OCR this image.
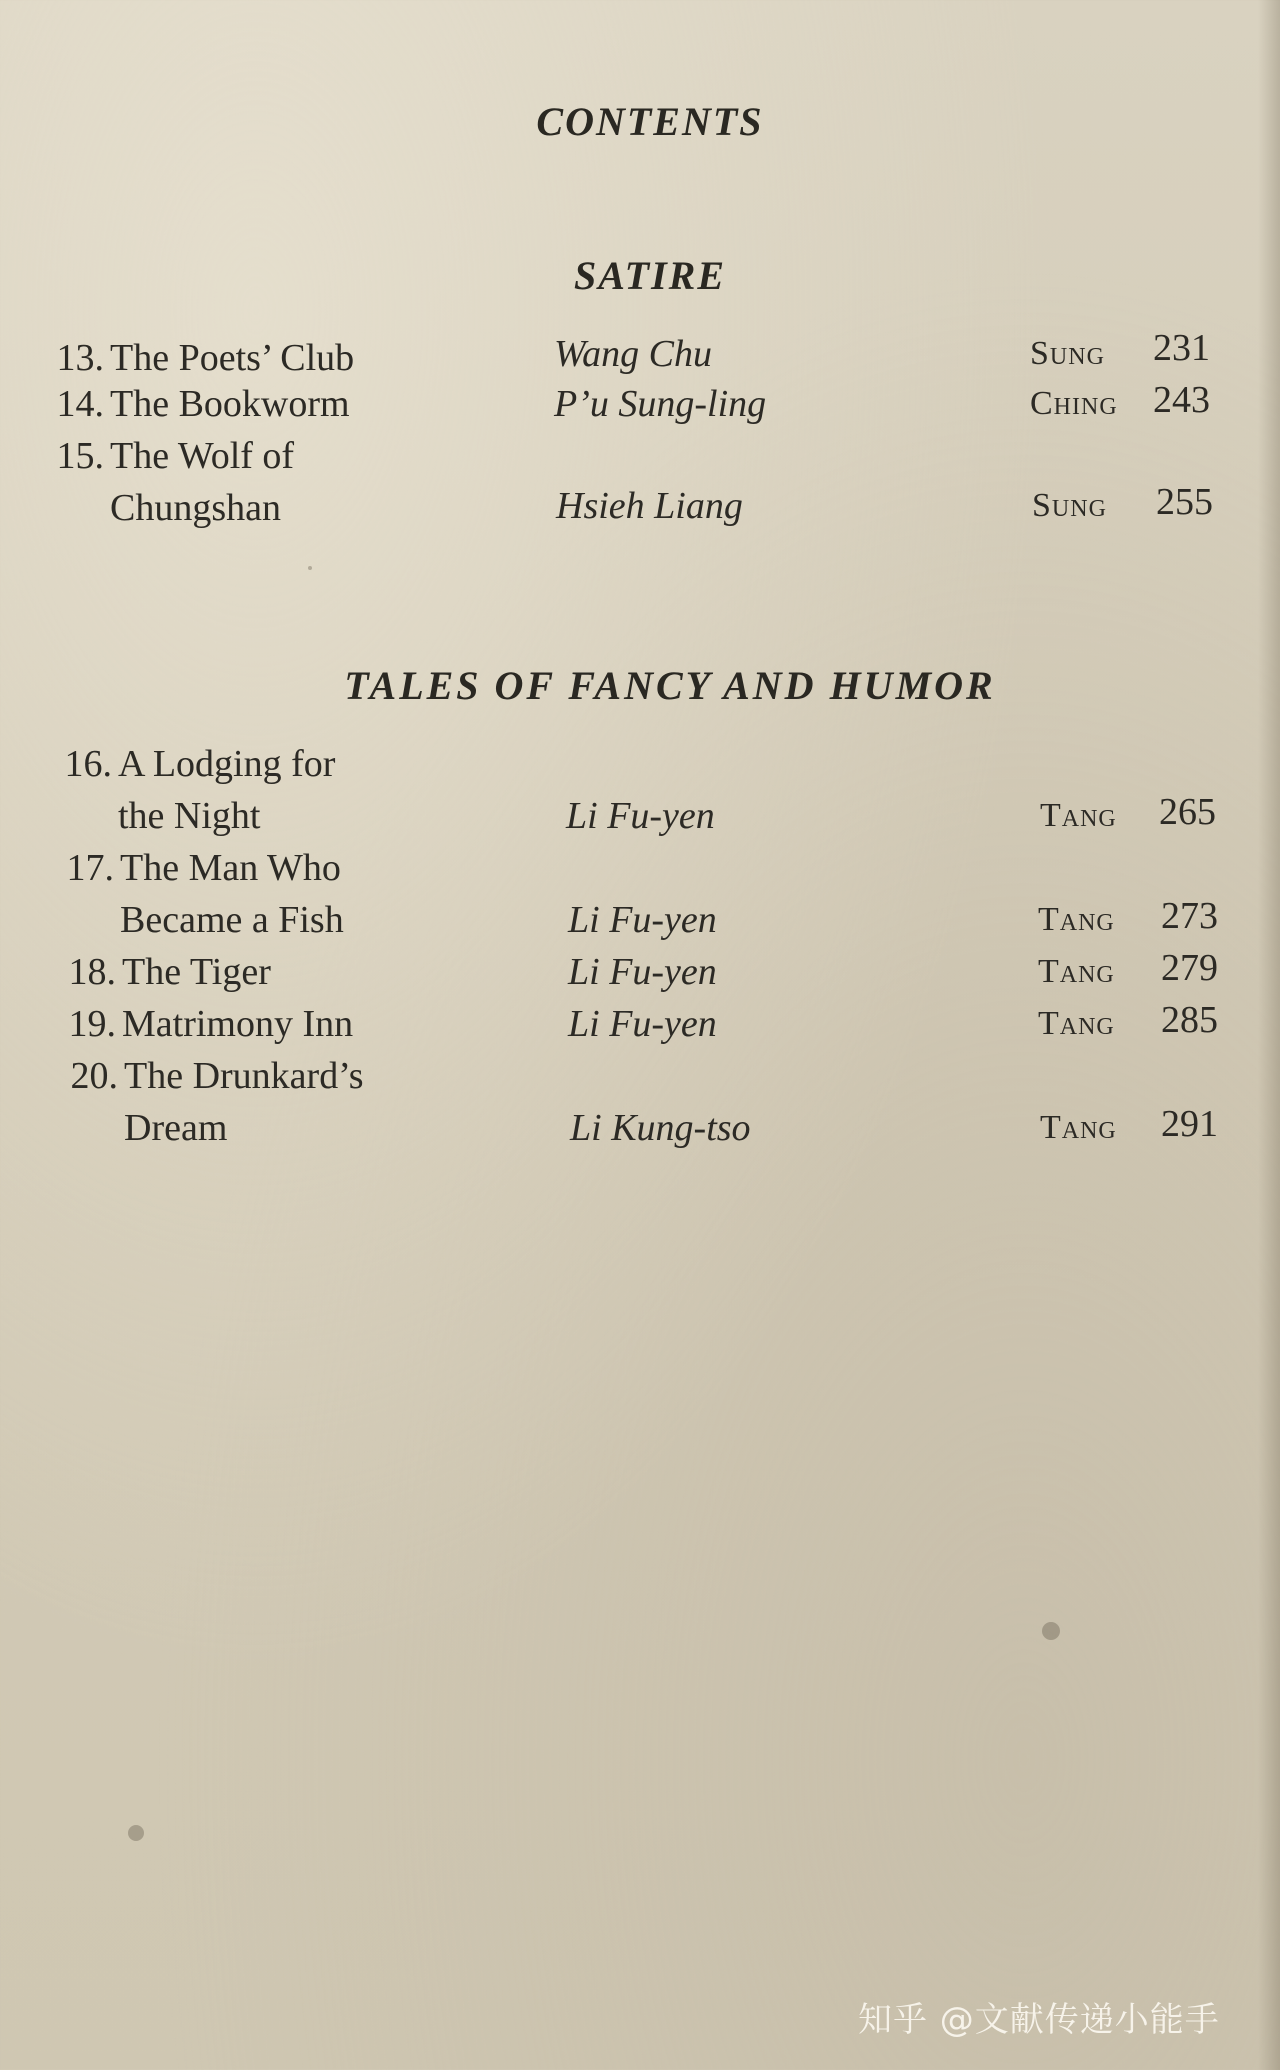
CONTENTS
SATIRE
TALES OF FANCY AND HUMOR
13. The Poets’ Club	Wang Chu	Sung	231
14. The Bookworm	P’u Sung-ling	Ching 243
15. The Wolf of
Chungshan	Hsieh Liang	Sung	255
16. A Lodging for
the Night	Li Fu-yen	Tang	265
17. The Man Who
Became a Fish	Li Fu-yen	Tang	273
18. The Tiger	Li Fu-yen	Tang	279
19. Matrimony Inn	Li Fu-yen	Tang	285
20. The Drunkard’s
Dream	Li Kung-tso	Tang	291
知乎 @文献传递小能手
